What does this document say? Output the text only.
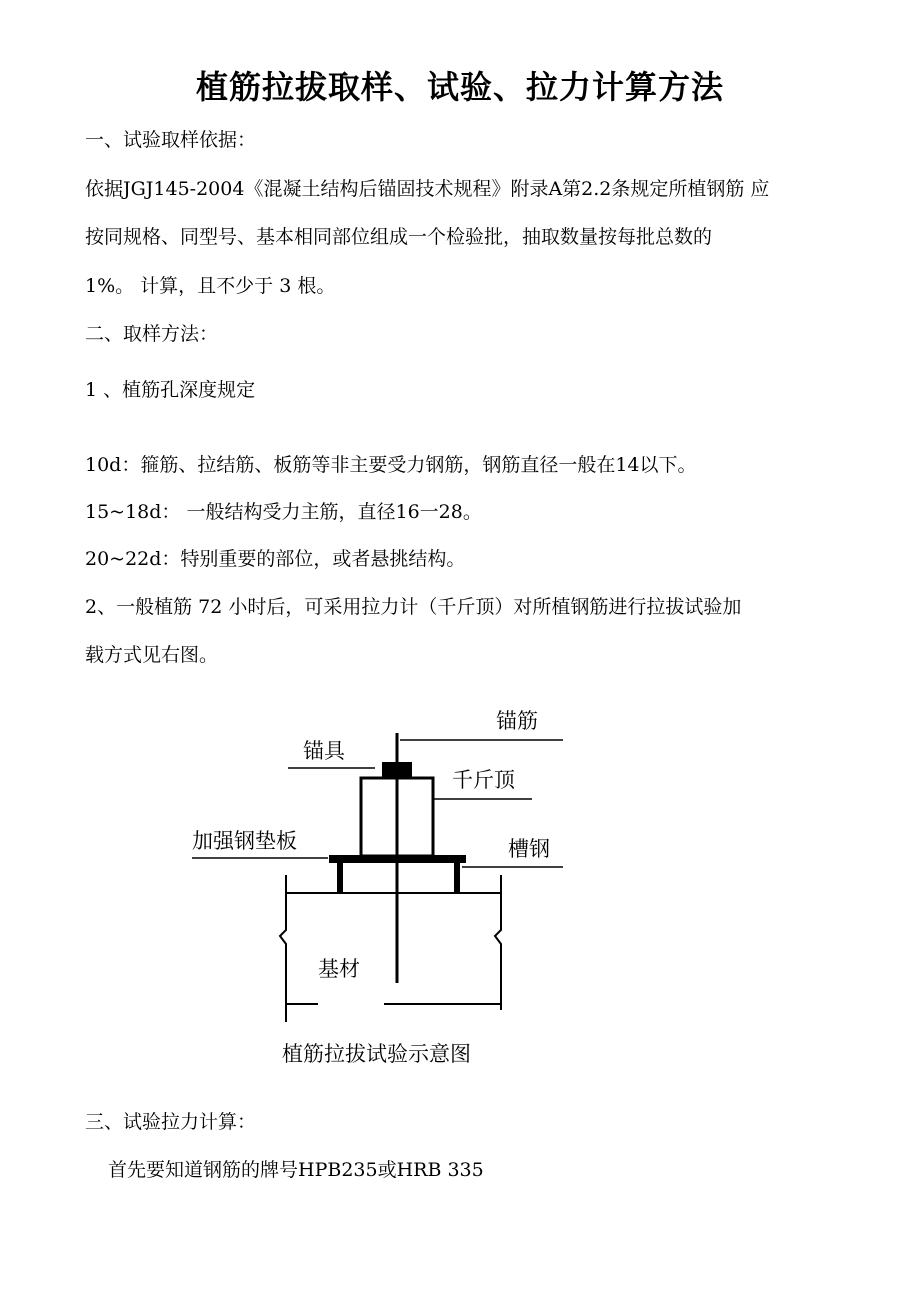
植筋拉拔取样、试验、拉力计算方法
一、试验取样依据：
依据JGJ145-2004《混凝土结构后锚固技术规程》附录A第2.2条规定所植钢筋 应
按同规格、同型号、基本相同部位组成一个检验批，抽取数量按每批总数的
1%。 计算，且不少于 3 根。
二、取样方法：
1 、植筋孔深度规定
10d：箍筋、拉结筋、板筋等非主要受力钢筋，钢筋直径一般在14以下。
15~18d： 一般结构受力主筋，直径16一28。
20~22d：特别重要的部位，或者悬挑结构。
2、一般植筋 72 小时后，可采用拉力计（千斤顶）对所植钢筋进行拉拔试验加
载方式见右图。
锚筋
锚具
千斤顶
加强钢垫板	槽钢
基材
植筋拉拔试验示意图
三、试验拉力计算：
首先要知道钢筋的牌号HPB235或HRB 335
